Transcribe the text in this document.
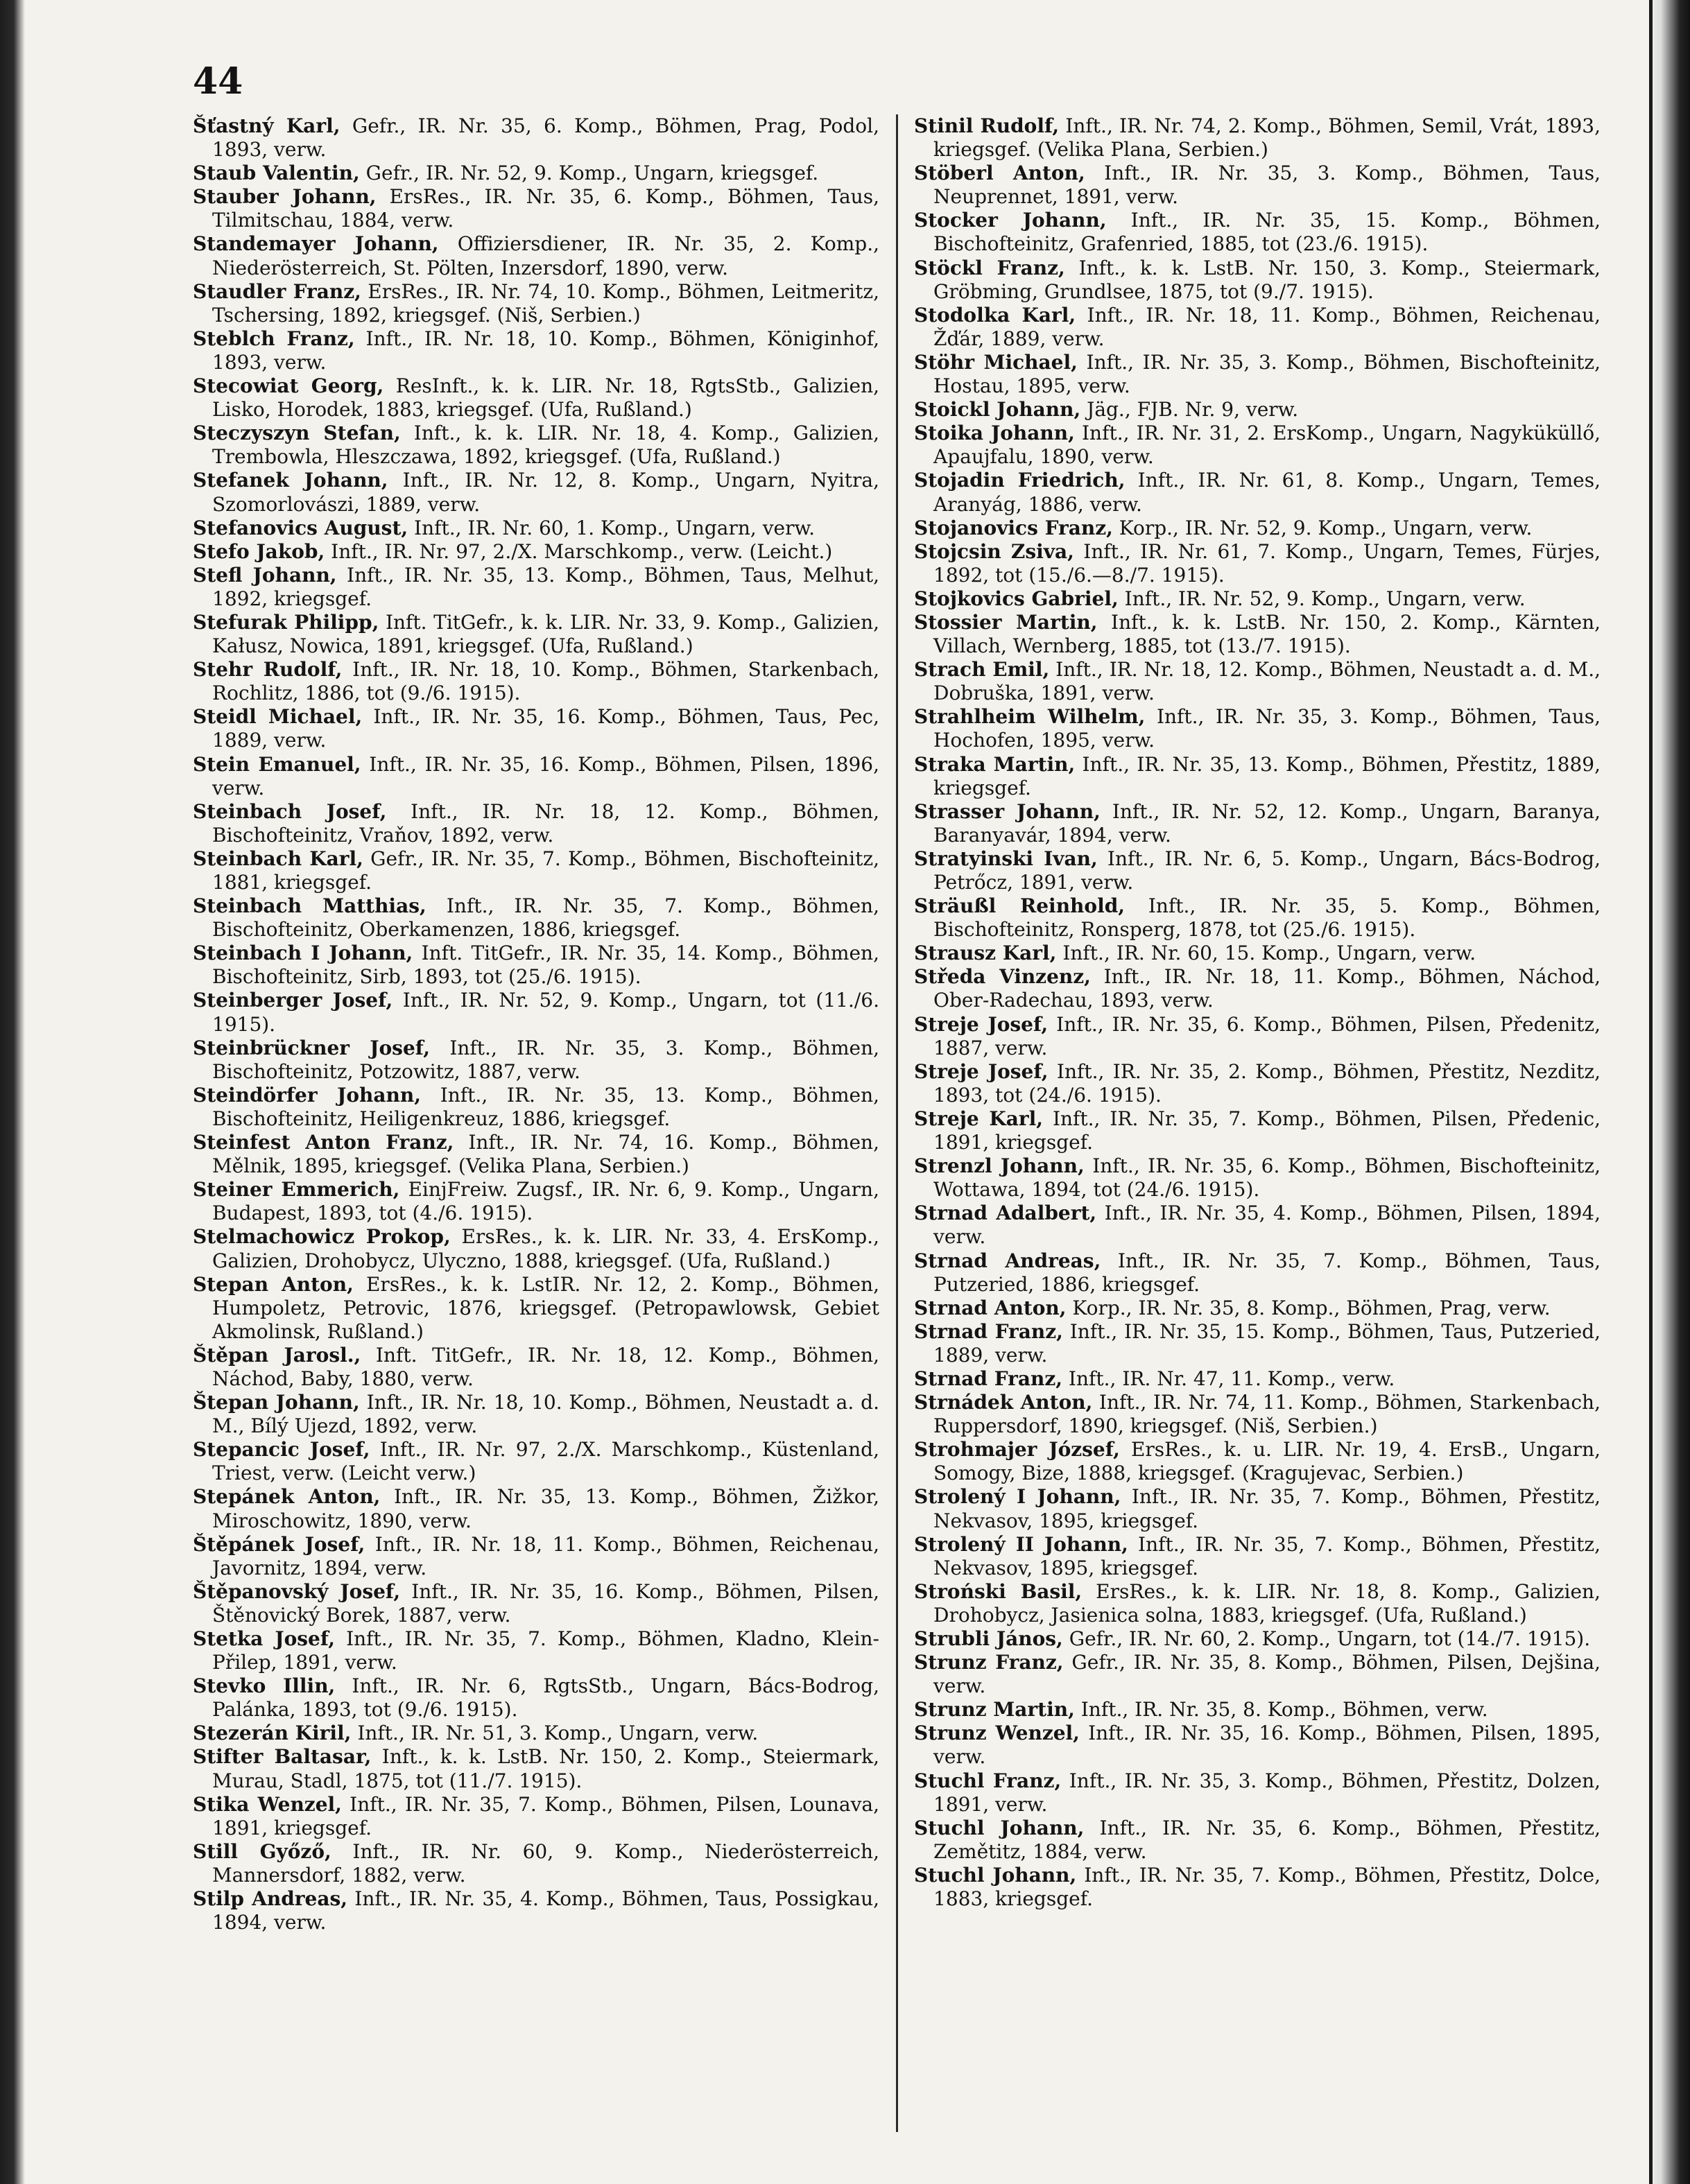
44

Šťastný Karl, Gefr., IR. Nr. 35, 6. Komp., Böhmen, Prag, Podol, 1893, verw.

Staub Valentin, Gefr., IR. Nr. 52, 9. Komp., Ungarn, kriegsgef.

Stauber Johann, ErsRes., IR. Nr. 35, 6. Komp., Böhmen, Taus, Tilmitschau, 1884, verw.

Standemayer Johann, Offiziersdiener, IR. Nr. 35, 2. Komp., Niederösterreich, St. Pölten, Inzersdorf, 1890, verw.

Staudler Franz, ErsRes., IR. Nr. 74, 10. Komp., Böhmen, Leitmeritz, Tschersing, 1892, kriegsgef. (Niš, Serbien.)

Steblch Franz, Inft., IR. Nr. 18, 10. Komp., Böhmen, Königinhof, 1893, verw.

Stecowiat Georg, ResInft., k. k. LIR. Nr. 18, RgtsStb., Galizien, Lisko, Horodek, 1883, kriegsgef. (Ufa, Rußland.)

Steczyszyn Stefan, Inft., k. k. LIR. Nr. 18, 4. Komp., Galizien, Trembowla, Hleszczawa, 1892, kriegsgef. (Ufa, Rußland.)

Stefanek Johann, Inft., IR. Nr. 12, 8. Komp., Ungarn, Nyitra, Szomorlovászi, 1889, verw.

Stefanovics August, Inft., IR. Nr. 60, 1. Komp., Ungarn, verw.

Stefo Jakob, Inft., IR. Nr. 97, 2./X. Marschkomp., verw. (Leicht.)

Stefl Johann, Inft., IR. Nr. 35, 13. Komp., Böhmen, Taus, Melhut, 1892, kriegsgef.

Stefurak Philipp, Inft. TitGefr., k. k. LIR. Nr. 33, 9. Komp., Galizien, Kałusz, Nowica, 1891, kriegsgef. (Ufa, Rußland.)

Stehr Rudolf, Inft., IR. Nr. 18, 10. Komp., Böhmen, Starkenbach, Rochlitz, 1886, tot (9./6. 1915).

Steidl Michael, Inft., IR. Nr. 35, 16. Komp., Böhmen, Taus, Pec, 1889, verw.

Stein Emanuel, Inft., IR. Nr. 35, 16. Komp., Böhmen, Pilsen, 1896, verw.

Steinbach Josef, Inft., IR. Nr. 18, 12. Komp., Böhmen, Bischofteinitz, Vraňov, 1892, verw.

Steinbach Karl, Gefr., IR. Nr. 35, 7. Komp., Böhmen, Bischofteinitz, 1881, kriegsgef.

Steinbach Matthias, Inft., IR. Nr. 35, 7. Komp., Böhmen, Bischofteinitz, Oberkamenzen, 1886, kriegsgef.

Steinbach I Johann, Inft. TitGefr., IR. Nr. 35, 14. Komp., Böhmen, Bischofteinitz, Sirb, 1893, tot (25./6. 1915).

Steinberger Josef, Inft., IR. Nr. 52, 9. Komp., Ungarn, tot (11./6. 1915).

Steinbrückner Josef, Inft., IR. Nr. 35, 3. Komp., Böhmen, Bischofteinitz, Potzowitz, 1887, verw.

Steindörfer Johann, Inft., IR. Nr. 35, 13. Komp., Böhmen, Bischofteinitz, Heiligenkreuz, 1886, kriegsgef.

Steinfest Anton Franz, Inft., IR. Nr. 74, 16. Komp., Böhmen, Mělnik, 1895, kriegsgef. (Velika Plana, Serbien.)

Steiner Emmerich, EinjFreiw. Zugsf., IR. Nr. 6, 9. Komp., Ungarn, Budapest, 1893, tot (4./6. 1915).

Stelmachowicz Prokop, ErsRes., k. k. LIR. Nr. 33, 4. ErsKomp., Galizien, Drohobycz, Ulyczno, 1888, kriegsgef. (Ufa, Rußland.)

Stepan Anton, ErsRes., k. k. LstIR. Nr. 12, 2. Komp., Böhmen, Humpoletz, Petrovic, 1876, kriegsgef. (Petropawlowsk, Gebiet Akmolinsk, Rußland.)

Štěpan Jarosl., Inft. TitGefr., IR. Nr. 18, 12. Komp., Böhmen, Náchod, Baby, 1880, verw.

Štepan Johann, Inft., IR. Nr. 18, 10. Komp., Böhmen, Neustadt a. d. M., Bílý Ujezd, 1892, verw.

Stepancic Josef, Inft., IR. Nr. 97, 2./X. Marschkomp., Küstenland, Triest, verw. (Leicht verw.)

Stepánek Anton, Inft., IR. Nr. 35, 13. Komp., Böhmen, Žižkor, Miroschowitz, 1890, verw.

Štěpánek Josef, Inft., IR. Nr. 18, 11. Komp., Böhmen, Reichenau, Javornitz, 1894, verw.

Štěpanovský Josef, Inft., IR. Nr. 35, 16. Komp., Böhmen, Pilsen, Štěnovický Borek, 1887, verw.

Stetka Josef, Inft., IR. Nr. 35, 7. Komp., Böhmen, Kladno, Klein-Přilep, 1891, verw.

Stevko Illin, Inft., IR. Nr. 6, RgtsStb., Ungarn, Bács-Bodrog, Palánka, 1893, tot (9./6. 1915).

Stezerán Kiril, Inft., IR. Nr. 51, 3. Komp., Ungarn, verw.

Stifter Baltasar, Inft., k. k. LstB. Nr. 150, 2. Komp., Steiermark, Murau, Stadl, 1875, tot (11./7. 1915).

Stika Wenzel, Inft., IR. Nr. 35, 7. Komp., Böhmen, Pilsen, Lounava, 1891, kriegsgef.

Still Győző, Inft., IR. Nr. 60, 9. Komp., Niederösterreich, Mannersdorf, 1882, verw.

Stilp Andreas, Inft., IR. Nr. 35, 4. Komp., Böhmen, Taus, Possigkau, 1894, verw.

Stinil Rudolf, Inft., IR. Nr. 74, 2. Komp., Böhmen, Semil, Vrát, 1893, kriegsgef. (Velika Plana, Serbien.)

Stöberl Anton, Inft., IR. Nr. 35, 3. Komp., Böhmen, Taus, Neuprennet, 1891, verw.

Stocker Johann, Inft., IR. Nr. 35, 15. Komp., Böhmen, Bischofteinitz, Grafenried, 1885, tot (23./6. 1915).

Stöckl Franz, Inft., k. k. LstB. Nr. 150, 3. Komp., Steiermark, Gröbming, Grundlsee, 1875, tot (9./7. 1915).

Stodolka Karl, Inft., IR. Nr. 18, 11. Komp., Böhmen, Reichenau, Žďár, 1889, verw.

Stöhr Michael, Inft., IR. Nr. 35, 3. Komp., Böhmen, Bischofteinitz, Hostau, 1895, verw.

Stoickl Johann, Jäg., FJB. Nr. 9, verw.

Stoika Johann, Inft., IR. Nr. 31, 2. ErsKomp., Ungarn, Nagyküküllő, Apaujfalu, 1890, verw.

Stojadin Friedrich, Inft., IR. Nr. 61, 8. Komp., Ungarn, Temes, Aranyág, 1886, verw.

Stojanovics Franz, Korp., IR. Nr. 52, 9. Komp., Ungarn, verw.

Stojcsin Zsiva, Inft., IR. Nr. 61, 7. Komp., Ungarn, Temes, Fürjes, 1892, tot (15./6.—8./7. 1915).

Stojkovics Gabriel, Inft., IR. Nr. 52, 9. Komp., Ungarn, verw.

Stossier Martin, Inft., k. k. LstB. Nr. 150, 2. Komp., Kärnten, Villach, Wernberg, 1885, tot (13./7. 1915).

Strach Emil, Inft., IR. Nr. 18, 12. Komp., Böhmen, Neustadt a. d. M., Dobruška, 1891, verw.

Strahlheim Wilhelm, Inft., IR. Nr. 35, 3. Komp., Böhmen, Taus, Hochofen, 1895, verw.

Straka Martin, Inft., IR. Nr. 35, 13. Komp., Böhmen, Přestitz, 1889, kriegsgef.

Strasser Johann, Inft., IR. Nr. 52, 12. Komp., Ungarn, Baranya, Baranyavár, 1894, verw.

Stratyinski Ivan, Inft., IR. Nr. 6, 5. Komp., Ungarn, Bács-Bodrog, Petrőcz, 1891, verw.

Sträußl Reinhold, Inft., IR. Nr. 35, 5. Komp., Böhmen, Bischofteinitz, Ronsperg, 1878, tot (25./6. 1915).

Strausz Karl, Inft., IR. Nr. 60, 15. Komp., Ungarn, verw.

Středa Vinzenz, Inft., IR. Nr. 18, 11. Komp., Böhmen, Náchod, Ober-Radechau, 1893, verw.

Streje Josef, Inft., IR. Nr. 35, 6. Komp., Böhmen, Pilsen, Předenitz, 1887, verw.

Streje Josef, Inft., IR. Nr. 35, 2. Komp., Böhmen, Přestitz, Nezditz, 1893, tot (24./6. 1915).

Streje Karl, Inft., IR. Nr. 35, 7. Komp., Böhmen, Pilsen, Předenic, 1891, kriegsgef.

Strenzl Johann, Inft., IR. Nr. 35, 6. Komp., Böhmen, Bischofteinitz, Wottawa, 1894, tot (24./6. 1915).

Strnad Adalbert, Inft., IR. Nr. 35, 4. Komp., Böhmen, Pilsen, 1894, verw.

Strnad Andreas, Inft., IR. Nr. 35, 7. Komp., Böhmen, Taus, Putzeried, 1886, kriegsgef.

Strnad Anton, Korp., IR. Nr. 35, 8. Komp., Böhmen, Prag, verw.

Strnad Franz, Inft., IR. Nr. 35, 15. Komp., Böhmen, Taus, Putzeried, 1889, verw.

Strnad Franz, Inft., IR. Nr. 47, 11. Komp., verw.

Strnádek Anton, Inft., IR. Nr. 74, 11. Komp., Böhmen, Starkenbach, Ruppersdorf, 1890, kriegsgef. (Niš, Serbien.)

Strohmajer József, ErsRes., k. u. LIR. Nr. 19, 4. ErsB., Ungarn, Somogy, Bize, 1888, kriegsgef. (Kragujevac, Serbien.)

Strolený I Johann, Inft., IR. Nr. 35, 7. Komp., Böhmen, Přestitz, Nekvasov, 1895, kriegsgef.

Strolený II Johann, Inft., IR. Nr. 35, 7. Komp., Böhmen, Přestitz, Nekvasov, 1895, kriegsgef.

Stroński Basil, ErsRes., k. k. LIR. Nr. 18, 8. Komp., Galizien, Drohobycz, Jasienica solna, 1883, kriegsgef. (Ufa, Rußland.)

Strubli János, Gefr., IR. Nr. 60, 2. Komp., Ungarn, tot (14./7. 1915).

Strunz Franz, Gefr., IR. Nr. 35, 8. Komp., Böhmen, Pilsen, Dejšina, verw.

Strunz Martin, Inft., IR. Nr. 35, 8. Komp., Böhmen, verw.

Strunz Wenzel, Inft., IR. Nr. 35, 16. Komp., Böhmen, Pilsen, 1895, verw.

Stuchl Franz, Inft., IR. Nr. 35, 3. Komp., Böhmen, Přestitz, Dolzen, 1891, verw.

Stuchl Johann, Inft., IR. Nr. 35, 6. Komp., Böhmen, Přestitz, Zemětitz, 1884, verw.

Stuchl Johann, Inft., IR. Nr. 35, 7. Komp., Böhmen, Přestitz, Dolce, 1883, kriegsgef.
